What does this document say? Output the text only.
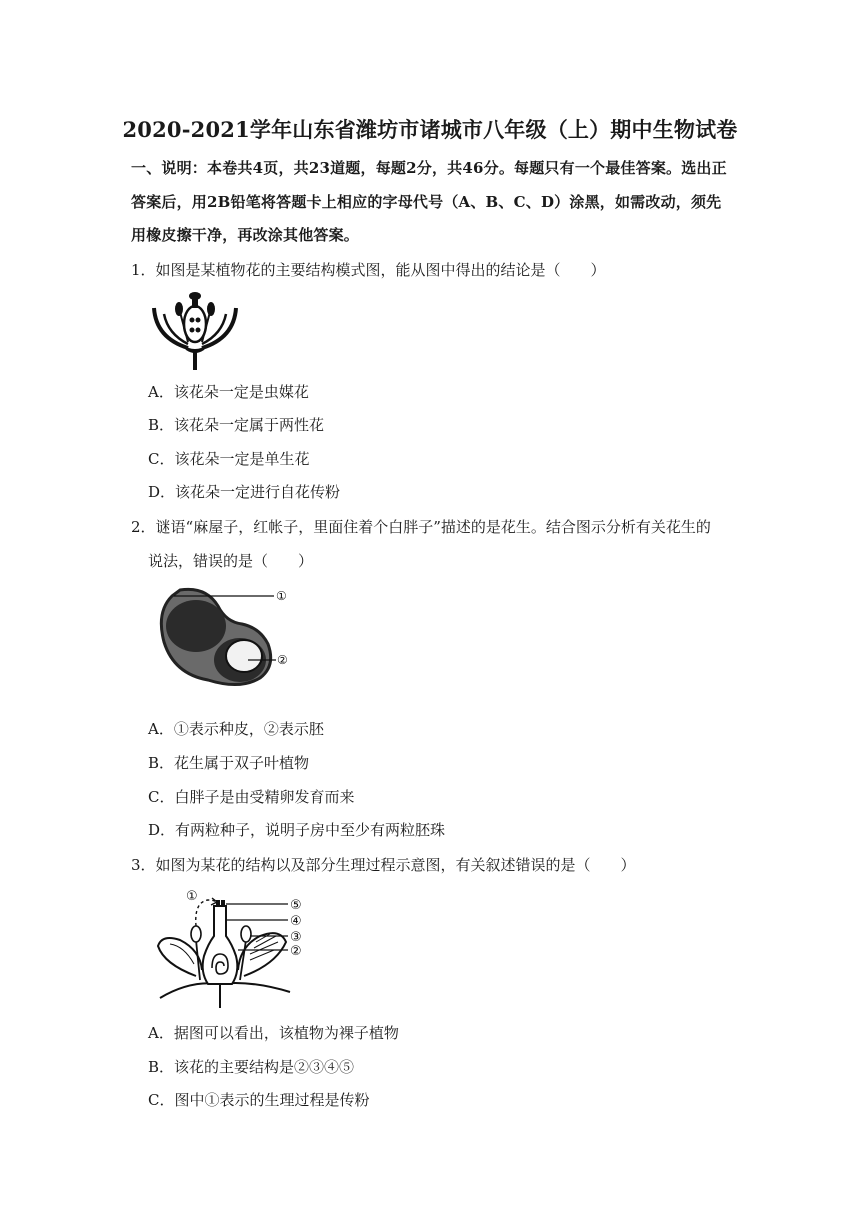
2020-2021学年山东省潍坊市诸城市八年级（上）期中生物试卷
一、说明：本卷共4页，共23道题，每题2分，共46分。每题只有一个最佳答案。选出正答案后，用2B铅笔将答题卡上相应的字母代号（A、B、C、D）涂黑，如需改动，须先用橡皮擦干净，再改涂其他答案。
1．如图是某植物花的主要结构模式图，能从图中得出的结论是（　　）
A．该花朵一定是虫媒花
B．该花朵一定属于两性花
C．该花朵一定是单生花
D．该花朵一定进行自花传粉
2．谜语“麻屋子，红帐子，里面住着个白胖子”描述的是花生。结合图示分析有关花生的
说法，错误的是（　　）
①
②
A．①表示种皮，②表示胚
B．花生属于双子叶植物
C．白胖子是由受精卵发育而来
D．有两粒种子，说明子房中至少有两粒胚珠
3．如图为某花的结构以及部分生理过程示意图，有关叙述错误的是（　　）
①
⑤
④
③
②
A．据图可以看出，该植物为裸子植物
B．该花的主要结构是②③④⑤
C．图中①表示的生理过程是传粉
